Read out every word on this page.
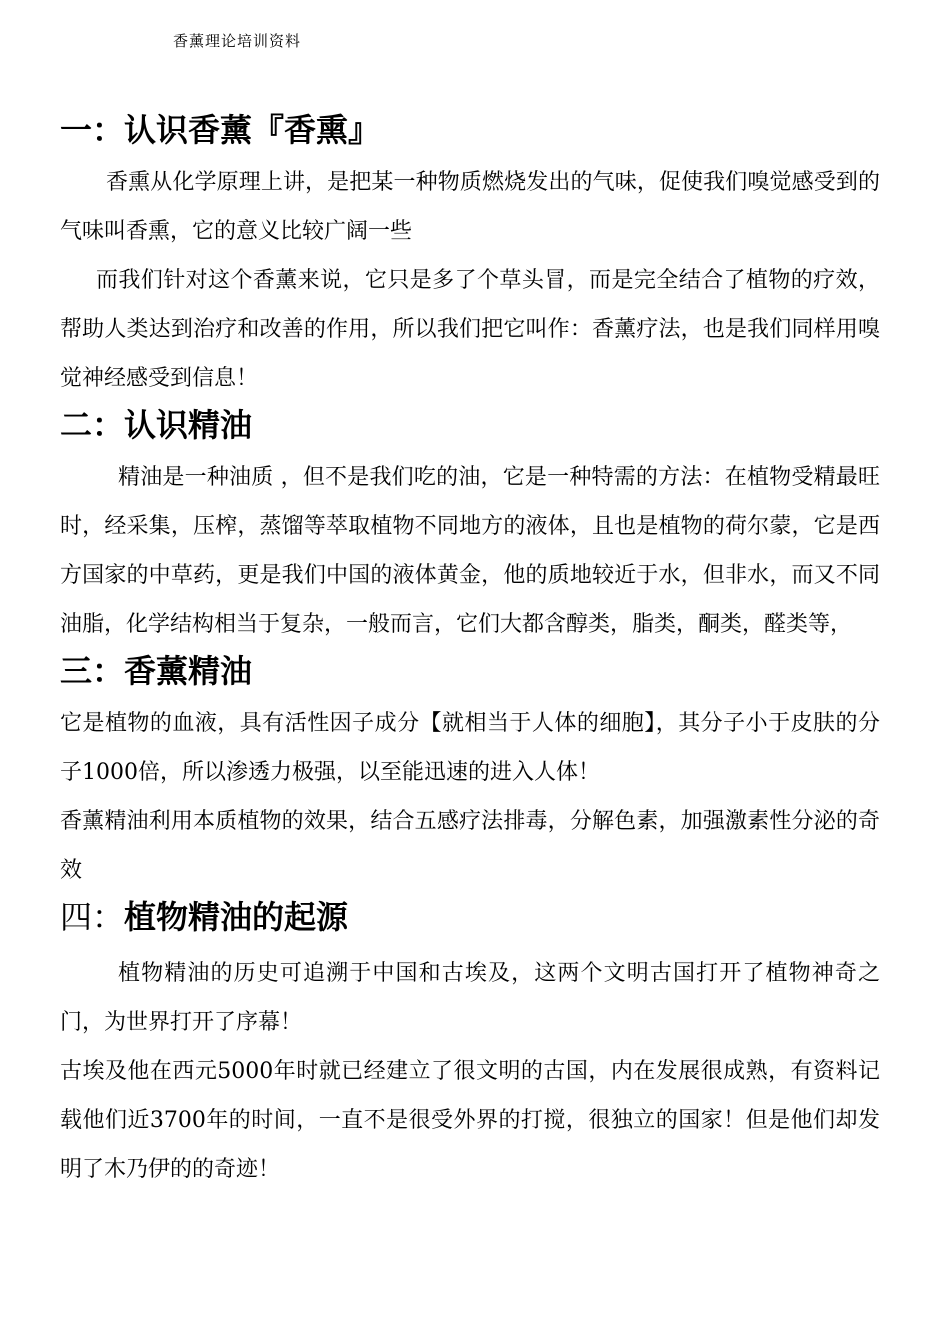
香薰理论培训资料
一：认识香薰『香熏』

香熏从化学原理上讲，是把某一种物质燃烧发出的气味，促使我们嗅觉感受到的气味叫香熏，它的意义比较广阔一些

而我们针对这个香薰来说，它只是多了个草头冒，而是完全结合了植物的疗效，帮助人类达到治疗和改善的作用，所以我们把它叫作：香薰疗法，也是我们同样用嗅觉神经感受到信息！

二：认识精油

精油是一种油质 ，但不是我们吃的油，它是一种特需的方法：在植物受精最旺时，经采集，压榨，蒸馏等萃取植物不同地方的液体，且也是植物的荷尔蒙，它是西方国家的中草药，更是我们中国的液体黄金，他的质地较近于水，但非水，而又不同油脂，化学结构相当于复杂，一般而言，它们大都含醇类，脂类，酮类，醛类等，

三：香薰精油

它是植物的血液，具有活性因子成分【就相当于人体的细胞】，其分子小于皮肤的分子1000倍，所以渗透力极强，以至能迅速的进入人体！

香薰精油利用本质植物的效果，结合五感疗法排毒，分解色素，加强激素性分泌的奇效

四：植物精油的起源

植物精油的历史可追溯于中国和古埃及，这两个文明古国打开了植物神奇之门，为世界打开了序幕！

古埃及他在西元5000年时就已经建立了很文明的古国，内在发展很成熟，有资料记载他们近3700年的时间，一直不是很受外界的打搅，很独立的国家！但是他们却发明了木乃伊的的奇迹！
